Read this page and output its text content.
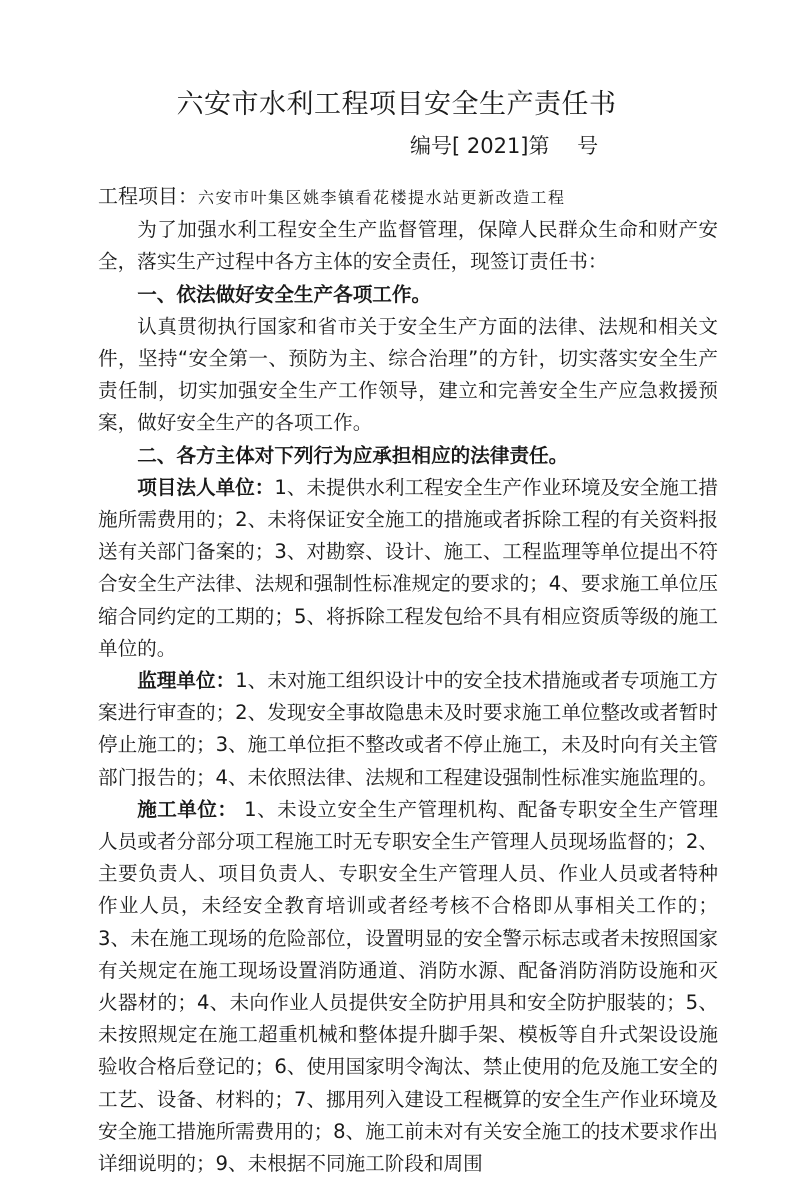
六安市水利工程项目安全生产责任书
编号[ 2021]第　 号

工程项目：六安市叶集区姚李镇看花楼提水站更新改造工程

为了加强水利工程安全生产监督管理，保障人民群众生命和财产安全，落实生产过程中各方主体的安全责任，现签订责任书：

一、依法做好安全生产各项工作。

认真贯彻执行国家和省市关于安全生产方面的法律、法规和相关文件，坚持“安全第一、预防为主、综合治理”的方针，切实落实安全生产责任制，切实加强安全生产工作领导，建立和完善安全生产应急救援预案，做好安全生产的各项工作。

二、各方主体对下列行为应承担相应的法律责任。

项目法人单位：1、未提供水利工程安全生产作业环境及安全施工措施所需费用的；2、未将保证安全施工的措施或者拆除工程的有关资料报送有关部门备案的；3、对勘察、设计、施工、工程监理等单位提出不符合安全生产法律、法规和强制性标准规定的要求的；4、要求施工单位压缩合同约定的工期的；5、将拆除工程发包给不具有相应资质等级的施工单位的。

监理单位：1、未对施工组织设计中的安全技术措施或者专项施工方案进行审查的；2、发现安全事故隐患未及时要求施工单位整改或者暂时停止施工的；3、施工单位拒不整改或者不停止施工，未及时向有关主管部门报告的；4、未依照法律、法规和工程建设强制性标准实施监理的。

施工单位： 1、未设立安全生产管理机构、配备专职安全生产管理人员或者分部分项工程施工时无专职安全生产管理人员现场监督的；2、主要负责人、项目负责人、专职安全生产管理人员、作业人员或者特种作业人员，未经安全教育培训或者经考核不合格即从事相关工作的； 3、未在施工现场的危险部位，设置明显的安全警示标志或者未按照国家有关规定在施工现场设置消防通道、消防水源、配备消防消防设施和灭火器材的；4、未向作业人员提供安全防护用具和安全防护服装的；5、未按照规定在施工超重机械和整体提升脚手架、模板等自升式架设设施验收合格后登记的；6、使用国家明令淘汰、禁止使用的危及施工安全的工艺、设备、材料的；7、挪用列入建设工程概算的安全生产作业环境及安全施工措施所需费用的；8、施工前未对有关安全施工的技术要求作出详细说明的；9、未根据不同施工阶段和周围
